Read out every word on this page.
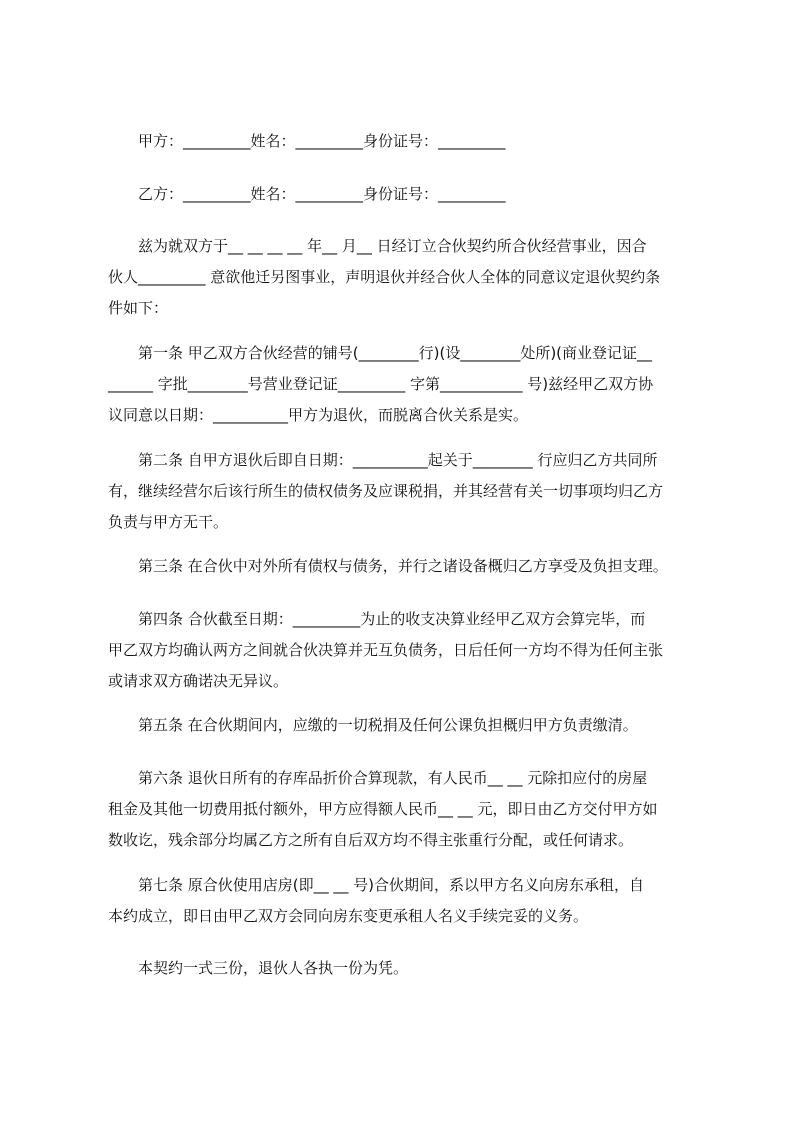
甲方：_________姓名：_________身份证号：_________
乙方：_________姓名：_________身份证号：_________
兹为就双方于__ __ __ __ 年__ 月__ 日经订立合伙契约所合伙经营事业，因合
伙人_________ 意欲他迁另图事业，声明退伙并经合伙人全体的同意议定退伙契约条
件如下：
第一条 甲乙双方合伙经营的铺号(________行)(设________处所)(商业登记证__
______ 字批________号营业登记证_________ 字第___________ 号)兹经甲乙双方协
议同意以日期：__________甲方为退伙，而脱离合伙关系是实。
第二条 自甲方退伙后即自日期：__________起关于________ 行应归乙方共同所
有，继续经营尔后该行所生的债权债务及应课税捐，并其经营有关一切事项均归乙方
负责与甲方无干。
第三条 在合伙中对外所有债权与债务，并行之诸设备概归乙方享受及负担支理。
第四条 合伙截至日期：_________为止的收支决算业经甲乙双方会算完毕，而
甲乙双方均确认两方之间就合伙决算并无互负债务，日后任何一方均不得为任何主张
或请求双方确诺决无异议。
第五条 在合伙期间内，应缴的一切税捐及任何公课负担概归甲方负责缴清。
第六条 退伙日所有的存库品折价合算现款，有人民币__ __ 元除扣应付的房屋
租金及其他一切费用抵付额外，甲方应得额人民币__ __ 元，即日由乙方交付甲方如
数收讫，残余部分均属乙方之所有自后双方均不得主张重行分配，或任何请求。
第七条 原合伙使用店房(即__ __ 号)合伙期间，系以甲方名义向房东承租，自
本约成立，即日由甲乙双方会同向房东变更承租人名义手续完妥的义务。
本契约一式三份，退伙人各执一份为凭。
